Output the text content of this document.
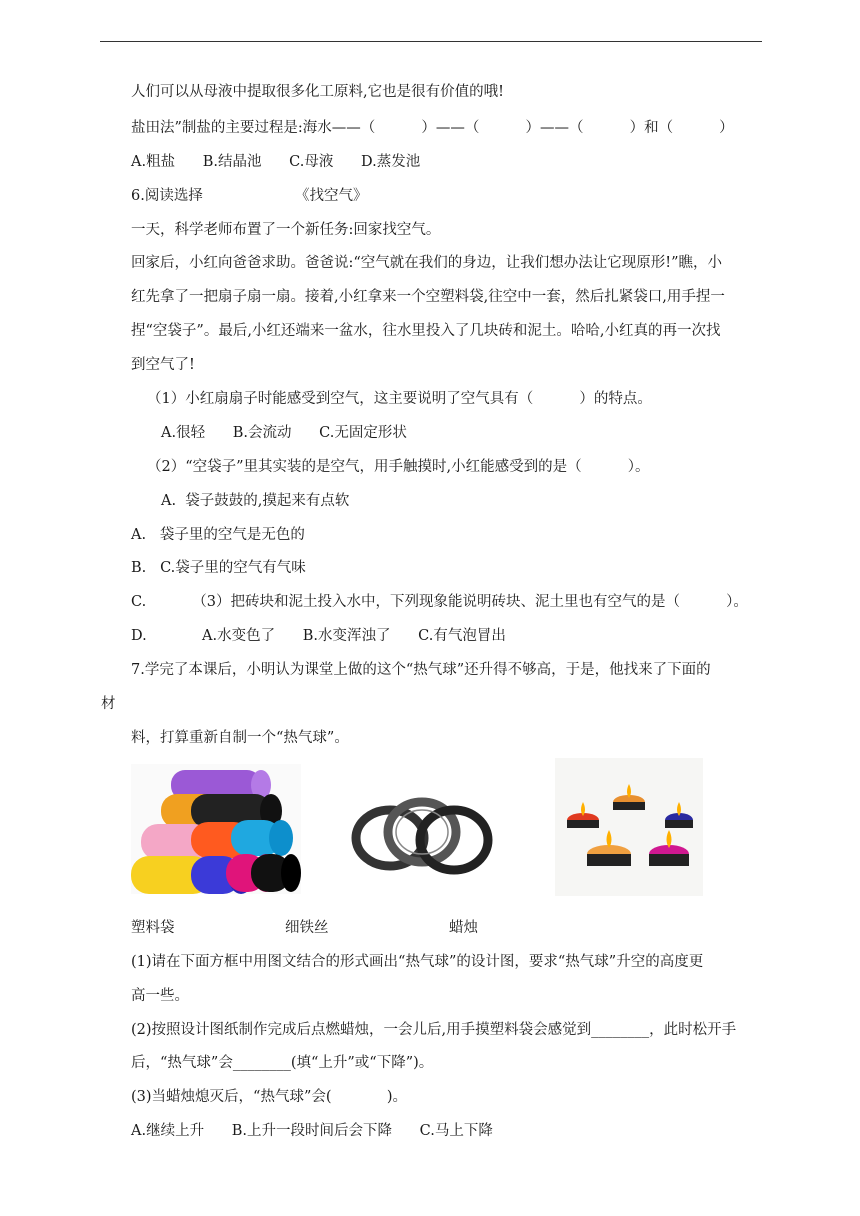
人们可以从母液中提取很多化工原料,它也是很有价值的哦!
盐田法”制盐的主要过程是:海水——（          ）——（          ）——（          ）和（          ）
A.粗盐      B.结晶池      C.母液      D.蒸发池
6.阅读选择                    《找空气》
一天，科学老师布置了一个新任务:回家找空气。
回家后，小红向爸爸求助。爸爸说:“空气就在我们的身边，让我们想办法让它现原形!”瞧，小
红先拿了一把扇子扇一扇。接着,小红拿来一个空塑料袋,往空中一套，然后扎紧袋口,用手捏一
捏“空袋子”。最后,小红还端来一盆水，往水里投入了几块砖和泥土。哈哈,小红真的再一次找
到空气了!
（1）小红扇扇子时能感受到空气，这主要说明了空气具有（          ）的特点。
A.很轻      B.会流动      C.无固定形状
（2）“空袋子”里其实装的是空气，用手触摸时,小红能感受到的是（          ）。
A.  袋子鼓鼓的,摸起来有点软
A.   袋子里的空气是无色的
B.   C.袋子里的空气有气味
C.          （3）把砖块和泥土投入水中，下列现象能说明砖块、泥土里也有空气的是（          ）。
D.            A.水变色了      B.水变浑浊了      C.有气泡冒出
7.学完了本课后，小明认为课堂上做的这个“热气球”还升得不够高，于是，他找来了下面的
材
料，打算重新自制一个“热气球”。
塑料袋	细铁丝	蜡烛
(1)请在下面方框中用图文结合的形式画出“热气球”的设计图，要求“热气球”升空的高度更
高一些。
(2)按照设计图纸制作完成后点燃蜡烛，一会儿后,用手摸塑料袋会感觉到________，此时松开手
后，“热气球”会________(填“上升”或“下降”)。
(3)当蜡烛熄灭后，“热气球”会(            )。
A.继续上升      B.上升一段时间后会下降      C.马上下降
